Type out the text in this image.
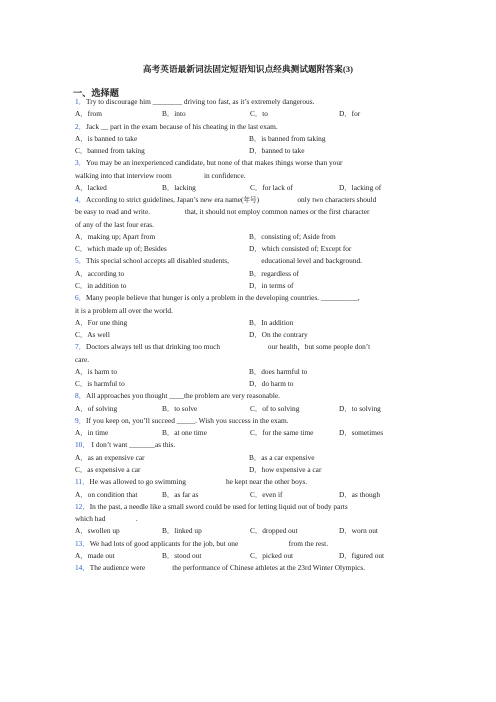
高考英语最新词法固定短语知识点经典测试题附答案(3)
一、选择题
1．Try to discourage him ________ driving too fast, as it’s extremely dangerous.
A．from	B．into	C．to	D．for
2．Jack __ part in the exam because of his cheating in the last exam.
A．is banned to take	B．is banned from taking
C．banned from taking	D．banned to take
3．You may be an inexperienced candidate, but none of that makes things worse than your
walking into that interview room	in confidence.
A．lacked	B．lacking	C．for lack of	D．lacking of
4．According to strict guidelines, Japan’s new era name(年号)	only two characters should
be easy to read and write.	that, it should not employ common names or the first character
of any of the last four eras.
A．making up; Apart from	B．consisting of; Aside from
C．which made up of; Besides	D．which consisted of; Except for
5．This special school accepts all disabled students,	educational level and background.
A．according to	B．regardless of
C．in addition to	D．in terms of
6．Many people believe that hunger is only a problem in the developing countries. __________,
it is a problem all over the world.
A．For one thing	B．In addition
C．As well	D．On the contrary
7．Doctors always tell us that drinking too much	our health，but some people don’t
care.
A．is harm to	B．does harmful to
C．is harmful to	D．do harm to
8．All approaches you thought ____the problem are very reasonable.
A．of solving	B．to solve	C．of to solving	D．to solving
9．If you keep on, you’ll succeed _____. Wish you success in the exam.
A．in time	B．at one time	C．for the same time	D．sometimes
10． I don’t want _______as this.
A．as an expensive car	B．as a car expensive
C．as expensive a car	D．how expensive a car
11．He was allowed to go swimming	he kept near the other boys.
A．on condition that	B．as far as	C．even if	D．as though
12．In the past, a needle like a small sword could be used for letting liquid out of body parts
which had	.
A．swollen up	B．linked up	C．dropped out	D．worn out
13．We had lots of good applicants for the job, but one	from the rest.
A．made out	B．stood out	C．picked out	D．figured out
14．The audience were	the performance of Chinese athletes at the 23rd Winter Olympics.
